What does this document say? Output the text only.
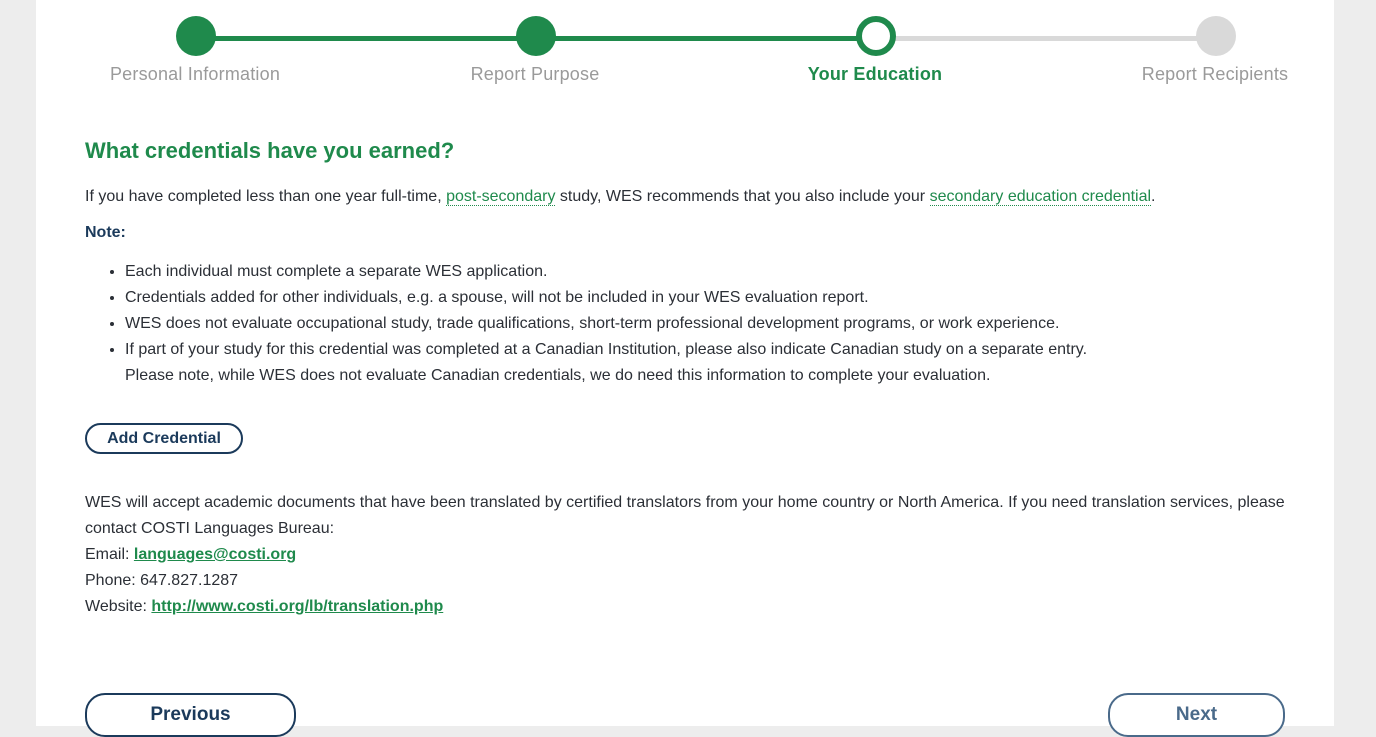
Personal Information	Report Purpose	Your Education	Report Recipients
What credentials have you earned?
If you have completed less than one year full-time, post-secondary study, WES recommends that you also include your secondary education credential.
Note:
• Each individual must complete a separate WES application.
• Credentials added for other individuals, e.g. a spouse, will not be included in your WES evaluation report.
• WES does not evaluate occupational study, trade qualifications, short-term professional development programs, or work experience.
• If part of your study for this credential was completed at a Canadian Institution, please also indicate Canadian study on a separate entry.
Please note, while WES does not evaluate Canadian credentials, we do need this information to complete your evaluation.
Add Credential

WES will accept academic documents that have been translated by certified translators from your home country or North America. If you need translation services, please contact COSTI Languages Bureau:

Email: languages@costi.org

Phone: 647.827.1287

Website: http://www.costi.org/lb/translation.php

Previous	Next
